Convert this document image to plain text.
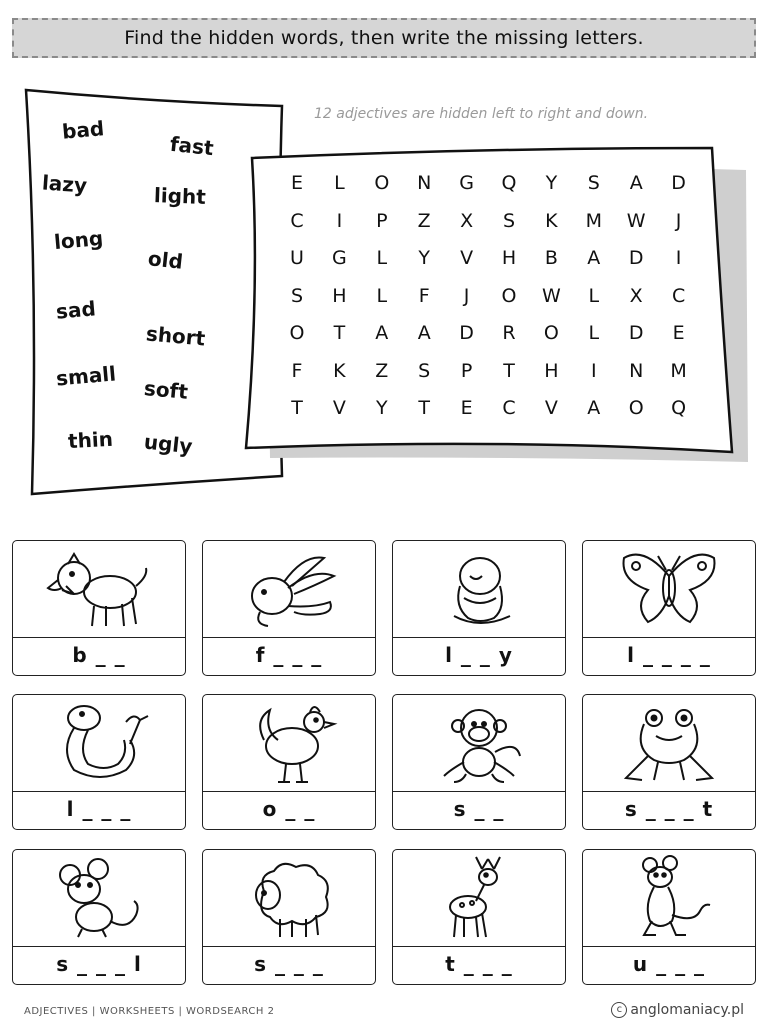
Find the hidden words, then write the missing letters.
bad
fast
lazy	light
long
old
sad
short
small soft
thin ugly
12 adjectives are hidden left to right and down.
E	L	O	N	G	Q	Y	S	A	D
C	I	P	Z	X	S	K	M	W	J
U	G	L	Y	V	H	B	A	D	I
S	H	L	F	J	O	W	L	X	C
O	T	A	A	D	R	O	L	D	E
F	K	Z	S	P	T	H	I	N	M
T	V	Y	T	E	C	V	A	O	Q
b _ _	f _ _ _	l _ _ y	l _ _ _ _
l _ _ _	o _ _	s _ _	s _ _ _ t
s _ _ _ l	s _ _ _	t _ _ _	u _ _ _
ADJECTIVES | WORKSHEETS | WORDSEARCH 2	c anglomaniacy.pl
